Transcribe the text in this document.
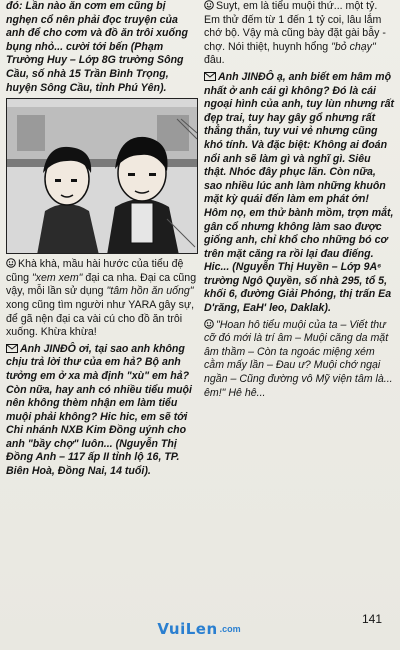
đó: Lần nào ăn cơm em cũng bị nghẹn cổ nên phải đọc truyện của anh để cho cơm và đồ ăn trôi xuống bụng nhỏ... cười tới bến (Phạm Trường Huy – Lớp 8G trường Sông Cầu, số nhà 15 Trần Bình Trọng, huyện Sông Cầu, tỉnh Phú Yên).

Khà khà, mầu hài hước của tiểu đệ cũng "xem xem" đại ca nha. Đại ca cũng vậy, mỗi lần sử dụng "tâm hồn ăn uống" xong cũng tìm người như YARA gây sự, để gã nện đại ca vài cú cho đồ ăn trôi xuống. Khừa khừa!

Anh JINĐÔ ơi, tại sao anh không chịu trả lời thư của em hả? Bộ anh tưởng em ở xa mà định "xù" em hả? Còn nữa, hay anh có nhiều tiểu muội nên không thèm nhận em làm tiểu muội phải không? Hic hic, em sẽ tới Chi nhánh NXB Kim Đồng uýnh cho anh "bầy chợ" luôn... (Nguyễn Thị Đồng Anh – 117 ấp II tỉnh lộ 16, TP. Biên Hoà, Đồng Nai, 14 tuổi).

Suyt, em là tiểu muội thứ... một tỷ. Em thử đếm từ 1 đến 1 tỷ coi, lâu lắm chớ bộ. Vậy mà cũng bày đặt gài bẫy - chợ. Nói thiệt, huynh hổng "bỏ chạy" đâu.

Anh JINĐÔ ạ, anh biết em hâm mộ nhất ở anh cái gì không? Đó là cái ngoại hình của anh, tuy lùn nhưng rất đẹp trai, tuy hay gây gổ nhưng rất thẳng thắn, tuy vui vẻ nhưng cũng khó tính. Và đặc biệt: Không ai đoán nổi anh sẽ làm gì và nghĩ gì. Siêu thật. Nhóc đây phục lăn. Còn nữa, sao nhiều lúc anh làm những khuôn mặt kỳ quái đến làm em phát ớn! Hôm nọ, em thử bành mồm, trợn mắt, gân cổ nhưng không làm sao được giống anh, chỉ khổ cho những bó cơ trên mặt căng ra rồi lại đau điếng. Hic... (Nguyễn Thị Huyền – Lớp 9A⁶ trường Ngô Quyền, số nhà 295, tổ 5, khối 6, đường Giải Phóng, thị trấn Ea D'răng, EaH' leo, Daklak).

"Hoan hô tiểu muội của ta – Viết thư cỡ đó mới là trí âm – Muội căng da mặt âm thầm – Còn ta ngoác miệng xém cằm mấy lần – Đau ư? Muội chớ ngại ngần – Cũng đường vô Mỹ viện tâm là... êm!" Hê hê...

VuiLen .com
141
